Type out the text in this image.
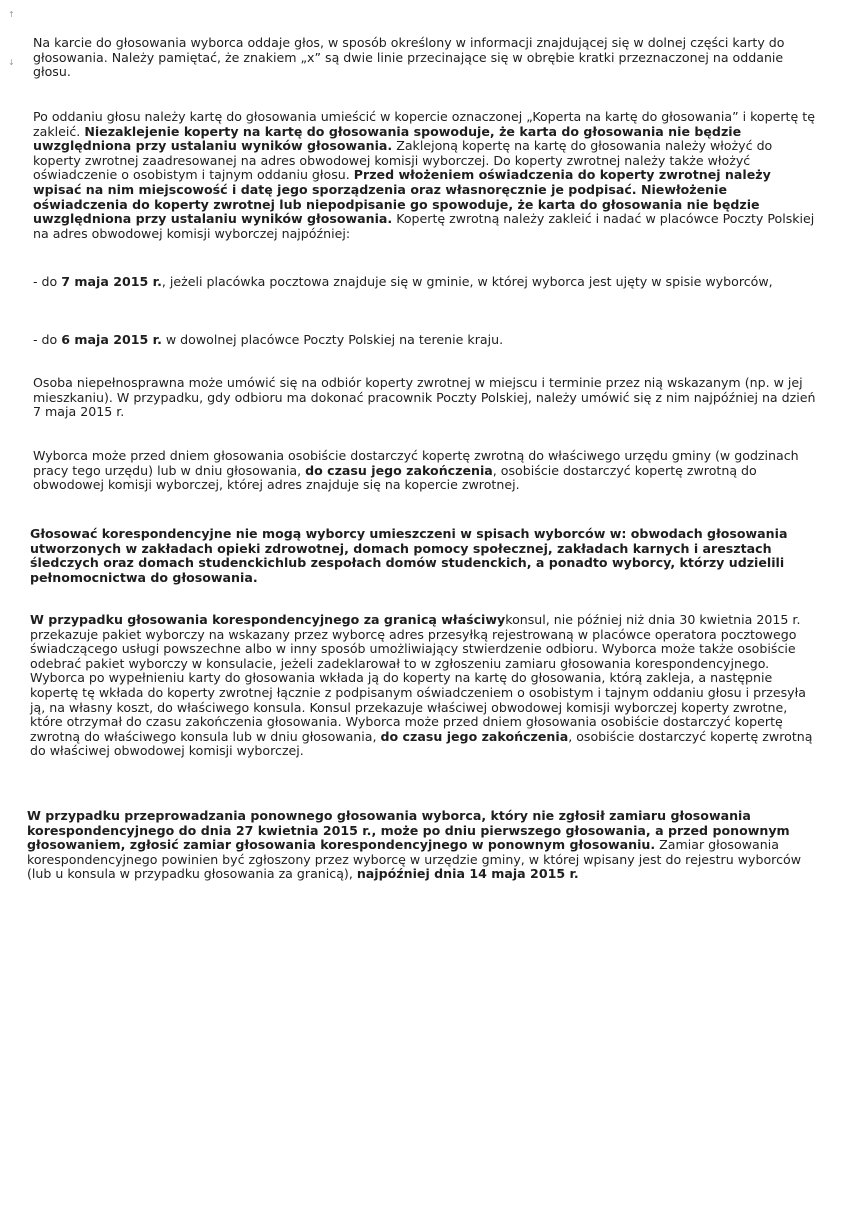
↑
↓

Na karcie do głosowania wyborca oddaje głos, w sposób określony w informacji znajdującej się w dolnej części karty do głosowania. Należy pamiętać, że znakiem „x” są dwie linie przecinające się w obrębie kratki przeznaczonej na oddanie głosu.

Po oddaniu głosu należy kartę do głosowania umieścić w kopercie oznaczonej „Koperta na kartę do głosowania” i kopertę tę zakleić. Niezaklejenie koperty na kartę do głosowania spowoduje, że karta do głosowania nie będzie uwzględniona przy ustalaniu wyników głosowania. Zaklejoną kopertę na kartę do głosowania należy włożyć do koperty zwrotnej zaadresowanej na adres obwodowej komisji wyborczej. Do koperty zwrotnej należy także włożyć oświadczenie o osobistym i tajnym oddaniu głosu. Przed włożeniem oświadczenia do koperty zwrotnej należy wpisać na nim miejscowość i datę jego sporządzenia oraz własnoręcznie je podpisać. Niewłożenie oświadczenia do koperty zwrotnej lub niepodpisanie go spowoduje, że karta do głosowania nie będzie uwzględniona przy ustalaniu wyników głosowania. Kopertę zwrotną należy zakleić i nadać w placówce Poczty Polskiej na adres obwodowej komisji wyborczej najpóźniej:

- do 7 maja 2015 r., jeżeli placówka pocztowa znajduje się w gminie, w której wyborca jest ujęty w spisie wyborców,

- do 6 maja 2015 r. w dowolnej placówce Poczty Polskiej na terenie kraju.

Osoba niepełnosprawna może umówić się na odbiór koperty zwrotnej w miejscu i terminie przez nią wskazanym (np. w jej mieszkaniu). W przypadku, gdy odbioru ma dokonać pracownik Poczty Polskiej, należy umówić się z nim najpóźniej na dzień 7 maja 2015 r.

Wyborca może przed dniem głosowania osobiście dostarczyć kopertę zwrotną do właściwego urzędu gminy (w godzinach pracy tego urzędu) lub w dniu głosowania, do czasu jego zakończenia, osobiście dostarczyć kopertę zwrotną do obwodowej komisji wyborczej, której adres znajduje się na kopercie zwrotnej.

Głosować korespondencyjne nie mogą wyborcy umieszczeni w spisach wyborców w: obwodach głosowania utworzonych w zakładach opieki zdrowotnej, domach pomocy społecznej, zakładach karnych i aresztach śledczych oraz domach studenckichlub zespołach domów studenckich, a ponadto wyborcy, którzy udzielili pełnomocnictwa do głosowania.

W przypadku głosowania korespondencyjnego za granicą właściwykonsul, nie później niż dnia 30 kwietnia 2015 r. przekazuje pakiet wyborczy na wskazany przez wyborcę adres przesyłką rejestrowaną w placówce operatora pocztowego świadczącego usługi powszechne albo w inny sposób umożliwiający stwierdzenie odbioru. Wyborca może także osobiście odebrać pakiet wyborczy w konsulacie, jeżeli zadeklarował to w zgłoszeniu zamiaru głosowania korespondencyjnego. Wyborca po wypełnieniu karty do głosowania wkłada ją do koperty na kartę do głosowania, którą zakleja, a następnie kopertę tę wkłada do koperty zwrotnej łącznie z podpisanym oświadczeniem o osobistym i tajnym oddaniu głosu i przesyła ją, na własny koszt, do właściwego konsula. Konsul przekazuje właściwej obwodowej komisji wyborczej koperty zwrotne, które otrzymał do czasu zakończenia głosowania. Wyborca może przed dniem głosowania osobiście dostarczyć kopertę zwrotną do właściwego konsula lub w dniu głosowania, do czasu jego zakończenia, osobiście dostarczyć kopertę zwrotną do właściwej obwodowej komisji wyborczej.

W przypadku przeprowadzania ponownego głosowania wyborca, który nie zgłosił zamiaru głosowania korespondencyjnego do dnia 27 kwietnia 2015 r., może po dniu pierwszego głosowania, a przed ponownym głosowaniem, zgłosić zamiar głosowania korespondencyjnego w ponownym głosowaniu. Zamiar głosowania korespondencyjnego powinien być zgłoszony przez wyborcę w urzędzie gminy, w której wpisany jest do rejestru wyborców (lub u konsula w przypadku głosowania za granicą), najpóźniej dnia 14 maja 2015 r.
